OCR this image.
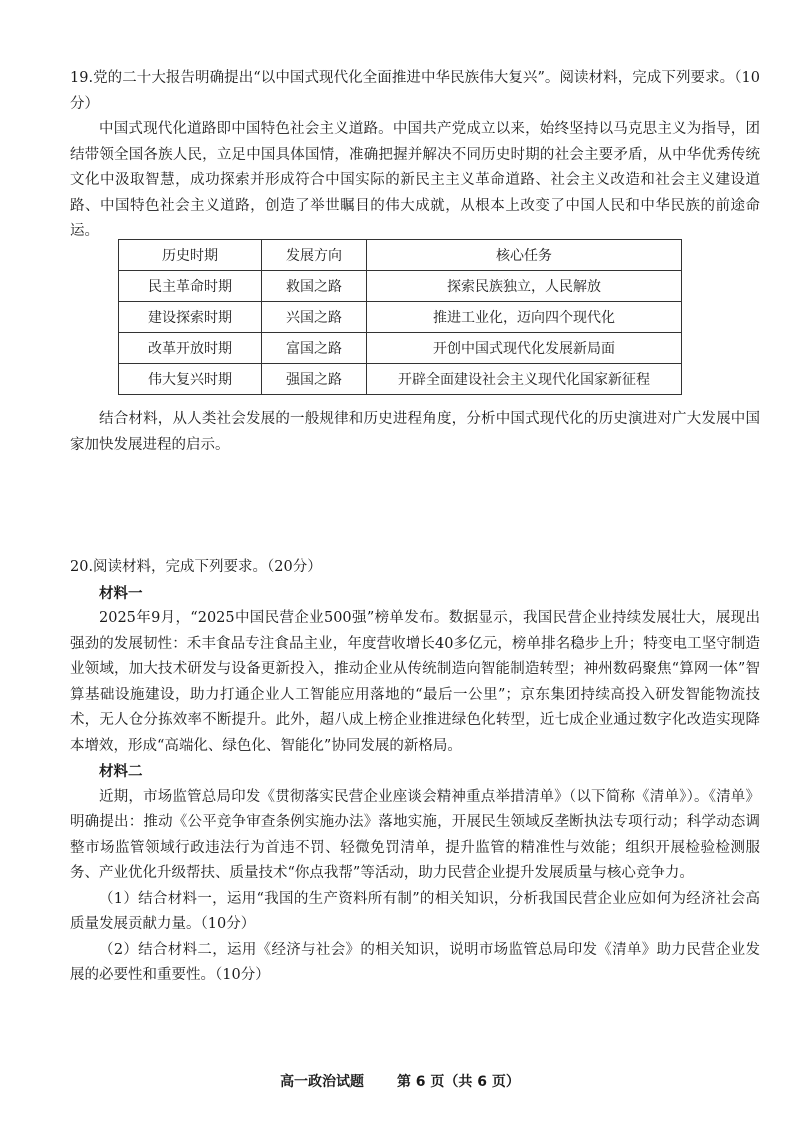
19.党的二十大报告明确提出“以中国式现代化全面推进中华民族伟大复兴”。阅读材料，完成下列要求。（10分）

中国式现代化道路即中国特色社会主义道路。中国共产党成立以来，始终坚持以马克思主义为指导，团结带领全国各族人民，立足中国具体国情，准确把握并解决不同历史时期的社会主要矛盾，从中华优秀传统文化中汲取智慧，成功探索并形成符合中国实际的新民主主义革命道路、社会主义改造和社会主义建设道路、中国特色社会主义道路，创造了举世瞩目的伟大成就，从根本上改变了中国人民和中华民族的前途命运。

历史时期	发展方向	核心任务
民主革命时期	救国之路	探索民族独立，人民解放
建设探索时期	兴国之路	推进工业化，迈向四个现代化
改革开放时期	富国之路	开创中国式现代化发展新局面
伟大复兴时期	强国之路	开辟全面建设社会主义现代化国家新征程

结合材料，从人类社会发展的一般规律和历史进程角度，分析中国式现代化的历史演进对广大发展中国家加快发展进程的启示。

20.阅读材料，完成下列要求。（20分）

材料一

2025年9月，“2025中国民营企业500强”榜单发布。数据显示，我国民营企业持续发展壮大，展现出强劲的发展韧性：禾丰食品专注食品主业，年度营收增长40多亿元，榜单排名稳步上升；特变电工坚守制造业领域，加大技术研发与设备更新投入，推动企业从传统制造向智能制造转型；神州数码聚焦“算网一体”智算基础设施建设，助力打通企业人工智能应用落地的“最后一公里”；京东集团持续高投入研发智能物流技术，无人仓分拣效率不断提升。此外，超八成上榜企业推进绿色化转型，近七成企业通过数字化改造实现降本增效，形成“高端化、绿色化、智能化”协同发展的新格局。

材料二

近期，市场监管总局印发《贯彻落实民营企业座谈会精神重点举措清单》（以下简称《清单》）。《清单》明确提出：推动《公平竞争审查条例实施办法》落地实施，开展民生领域反垄断执法专项行动；科学动态调整市场监管领域行政违法行为首违不罚、轻微免罚清单，提升监管的精准性与效能；组织开展检验检测服务、产业优化升级帮扶、质量技术“你点我帮”等活动，助力民营企业提升发展质量与核心竞争力。

（1）结合材料一，运用“我国的生产资料所有制”的相关知识，分析我国民营企业应如何为经济社会高质量发展贡献力量。（10分）

（2）结合材料二，运用《经济与社会》的相关知识，说明市场监管总局印发《清单》助力民营企业发展的必要性和重要性。（10分）

高一政治试题 第 6 页（共 6 页）
